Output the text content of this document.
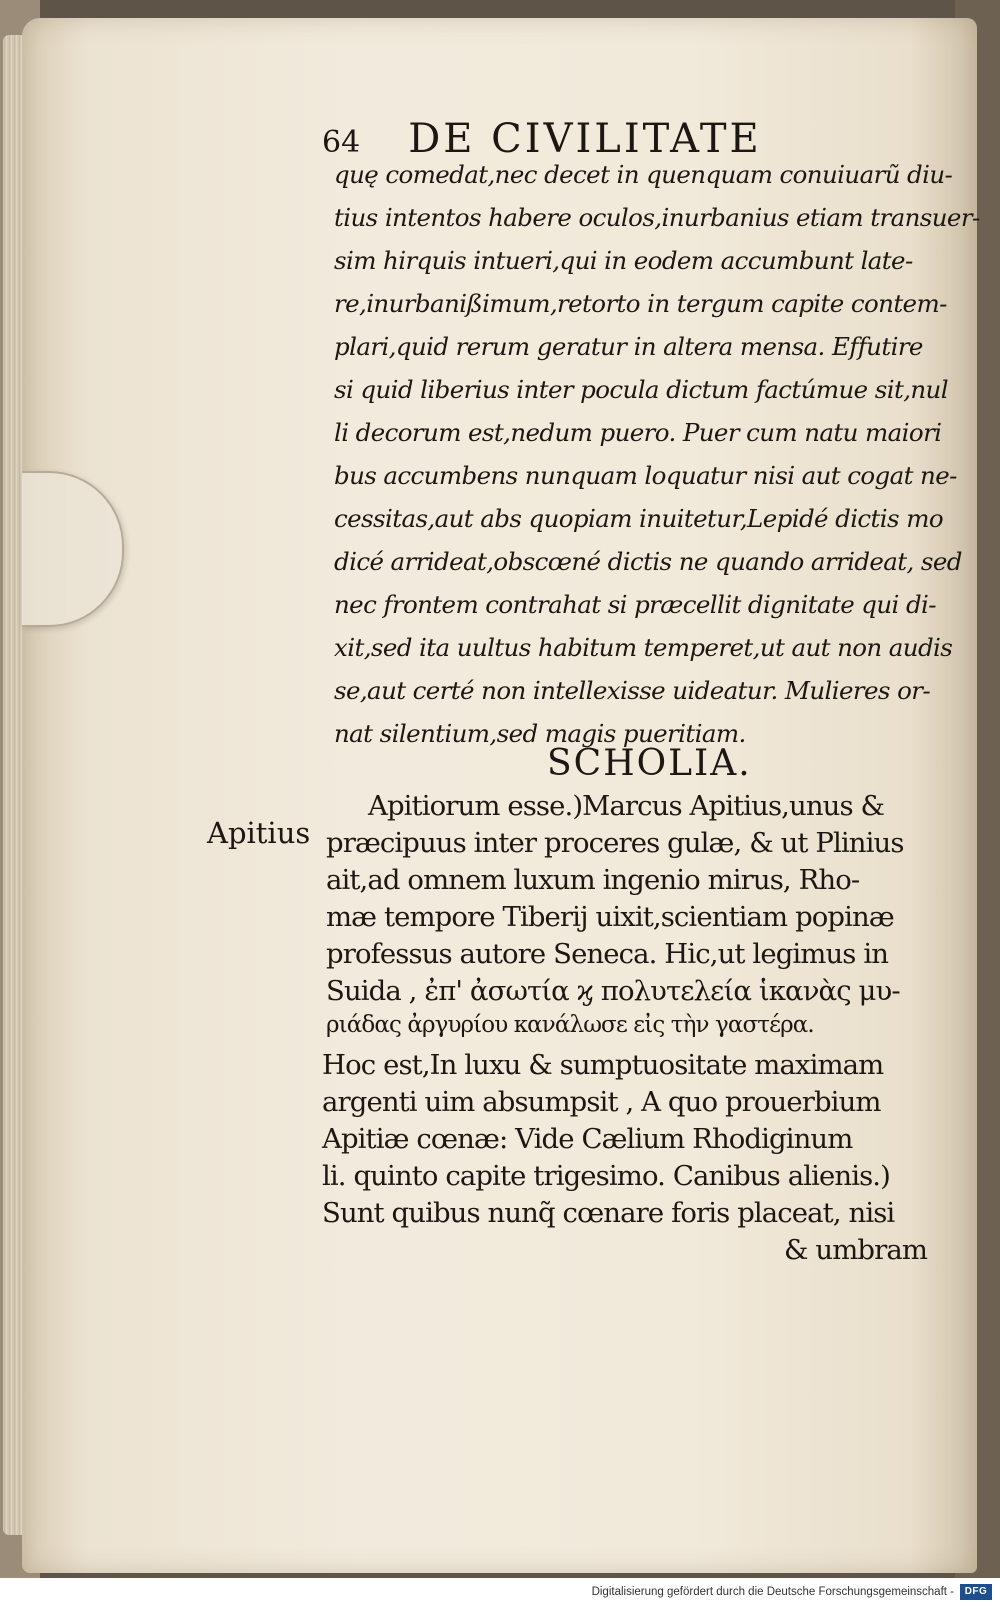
64 DE CIVILITATE
quę comedat,nec decet in quenquam conuiuarũ diu-
tius intentos habere oculos,inurbanius etiam transuer-
sim hirquis intueri,qui in eodem accumbunt late-
re,inurbanißimum,retorto in tergum capite contem-
plari,quid rerum geratur in altera mensa. Effutire
si quid liberius inter pocula dictum factúmue sit,nul
li decorum est,nedum puero. Puer cum natu maiori
bus accumbens nunquam loquatur nisi aut cogat ne-
cessitas,aut abs quopiam inuitetur,Lepidé dictis mo
dicé arrideat,obscœné dictis ne quando arrideat, sed
nec frontem contrahat si præcellit dignitate qui di-
xit,sed ita uultus habitum temperet,ut aut non audis
se,aut certé non intellexisse uideatur. Mulieres or-
nat silentium,sed magis pueritiam.
SCHOLIA.
Apitius
Apitiorum esse.)Marcus Apitius,unus &
præcipuus inter proceres gulæ, & ut Plinius
ait,ad omnem luxum ingenio mirus, Rho-
mæ tempore Tiberij uixit,scientiam popinæ
professus autore Seneca. Hic,ut legimus in
Suida , ἐπ' ἀσωτία ϗ πολυτελεία ἱκανὰς μυ-
ριάδας ἀργυρίου κανάλωσε εἰς τὴν γαστέρα.
Hoc est,In luxu & sumptuositate maximam
argenti uim absumpsit , A quo prouerbium
Apitiæ cœnæ: Vide Cælium Rhodiginum
li. quinto capite trigesimo. Canibus alienis.)
Sunt quibus nunq̃ cœnare foris placeat, nisi
& umbram
Digitalisierung gefördert durch die Deutsche Forschungsgemeinschaft -	DFG
